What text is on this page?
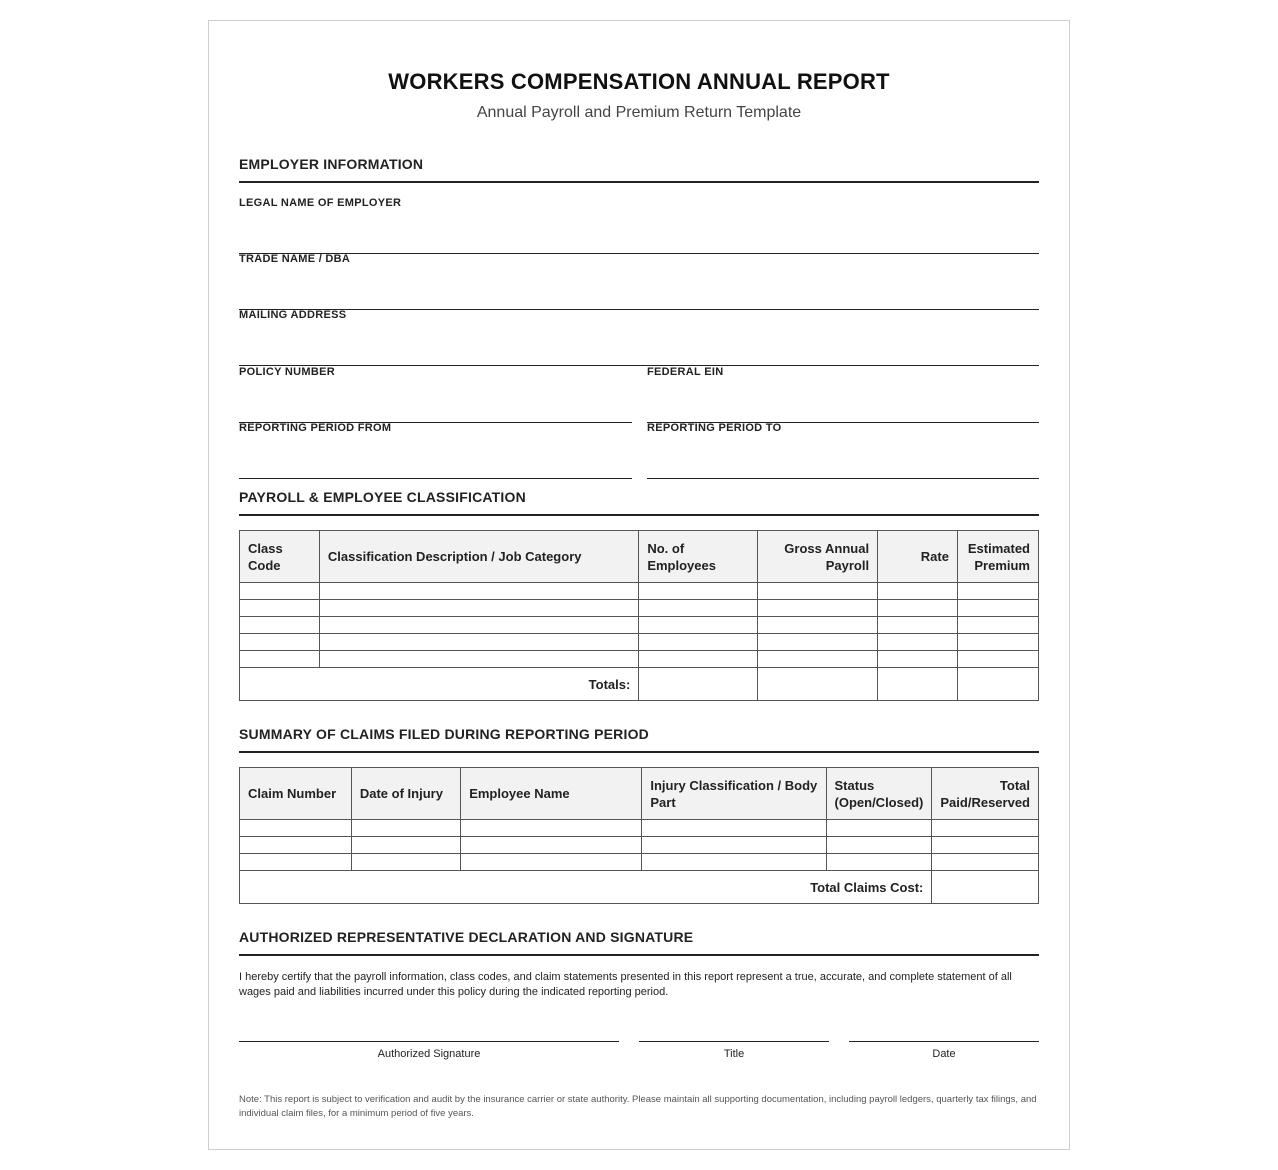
WORKERS COMPENSATION ANNUAL REPORT
Annual Payroll and Premium Return Template
EMPLOYER INFORMATION
LEGAL NAME OF EMPLOYER
TRADE NAME / DBA
MAILING ADDRESS
POLICY NUMBER	FEDERAL EIN
REPORTING PERIOD FROM	REPORTING PERIOD TO
PAYROLL & EMPLOYEE CLASSIFICATION
Class Code	Classification Description / Job Category	No. of Employees	Gross Annual Payroll	Rate	Estimated Premium

Totals:					
SUMMARY OF CLAIMS FILED DURING REPORTING PERIOD
Claim Number	Date of Injury	Employee Name	Injury Classification / Body Part	Status (Open/Closed)	Total Paid/Reserved

Total Claims Cost:					
AUTHORIZED REPRESENTATIVE DECLARATION AND SIGNATURE
I hereby certify that the payroll information, class codes, and claim statements presented in this report represent a true, accurate, and complete statement of all wages paid and liabilities incurred under this policy during the indicated reporting period.
Authorized Signature	Title	Date
Note: This report is subject to verification and audit by the insurance carrier or state authority. Please maintain all supporting documentation, including payroll ledgers, quarterly tax filings, and individual claim files, for a minimum period of five years.
